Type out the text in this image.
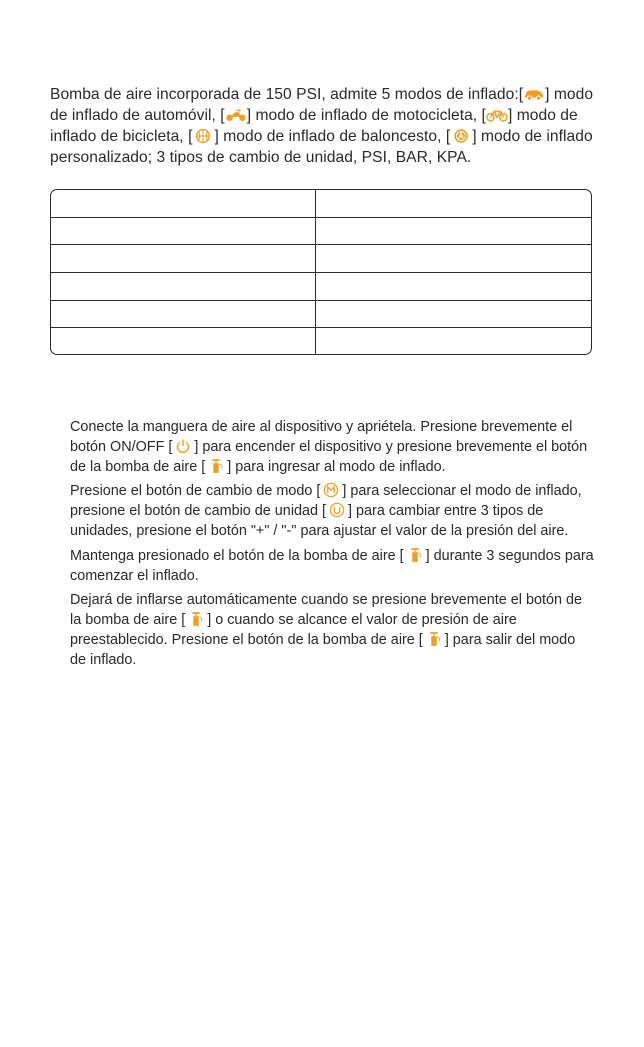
Bomba de aire incorporada de 150 PSI, admite 5 modos de inflado:[ ] modo de inflado de automóvil, [ ] modo de inflado de motocicleta, [ ] modo de inflado de bicicleta, [ ] modo de inflado de baloncesto, [ ] modo de inflado personalizado; 3 tipos de cambio de unidad, PSI, BAR, KPA.

Conecte la manguera de aire al dispositivo y apriétela. Presione brevemente el botón ON/OFF [ ] para encender el dispositivo y presione brevemente el botón de la bomba de aire [ ] para ingresar al modo de inflado.

Presione el botón de cambio de modo [ ] para seleccionar el modo de inflado, presione el botón de cambio de unidad [ ] para cambiar entre 3 tipos de unidades, presione el botón "+" / "-" para ajustar el valor de la presión del aire.

Mantenga presionado el botón de la bomba de aire [ ] durante 3 segundos para comenzar el inflado.

Dejará de inflarse automáticamente cuando se presione brevemente el botón de la bomba de aire [ ] o cuando se alcance el valor de presión de aire preestablecido. Presione el botón de la bomba de aire [ ] para salir del modo de inflado.
